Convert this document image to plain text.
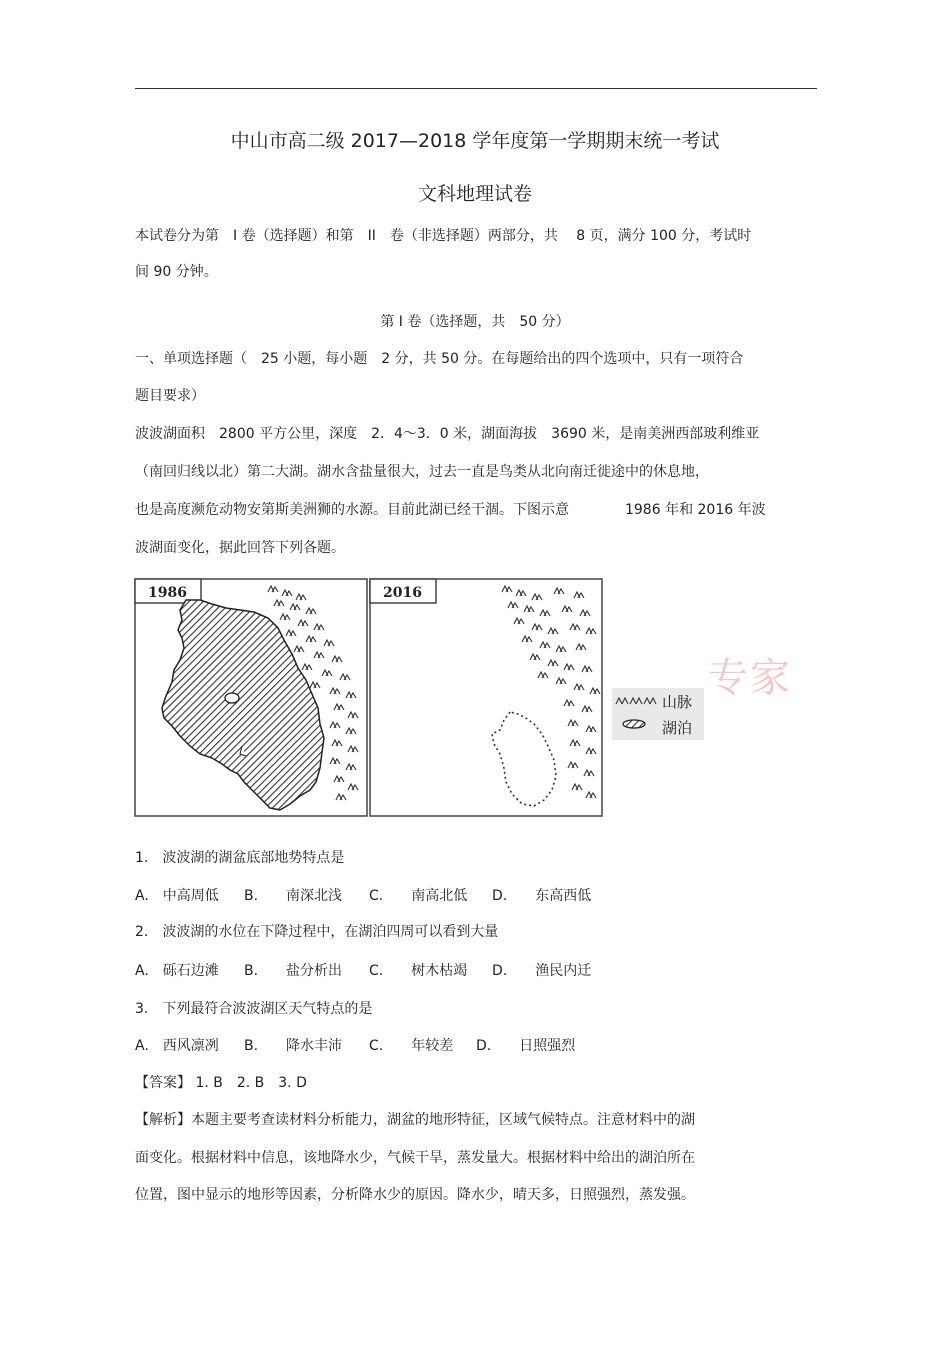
中山市高二级 2017—2018 学年度第一学期期末统一考试
文科地理试卷
本试卷分为第　I 卷（选择题）和第　II　卷（非选择题）两部分，共　 8 页，满分 100 分，考试时
间 90 分钟。
第 I 卷（选择题，共　50 分）
一、单项选择题（　25 小题，每小题　2 分，共 50 分。在每题给出的四个选项中，只有一项符合
题目要求）
波波湖面积　2800 平方公里，深度　2．4～3．0 米，湖面海拔　3690 米，是南美洲西部玻利维亚
（南回归线以北）第二大湖。湖水含盐量很大，过去一直是鸟类从北向南迁徙途中的休息地，
也是高度濒危动物安第斯美洲狮的水源。目前此湖已经干涸。下图示意　　　　1986 年和 2016 年波
波湖面变化，据此回答下列各题。
1986	2016
山脉
湖泊
专家
1.　波波湖的湖盆底部地势特点是
A.　中高周低 B.　　南深北浅 C.　　南高北低 D.　　东高西低
2.　波波湖的水位在下降过程中，在湖泊四周可以看到大量
A.　砾石边滩 B.　　盐分析出 C.　　树木枯竭 D.　　渔民内迁
3.　下列最符合波波湖区天气特点的是
A.　西风凛冽 B.　　降水丰沛 C.　　年较差 D.　　日照强烈
【答案】 1. B　2. B　3. D
【解析】本题主要考查读材料分析能力，湖盆的地形特征，区域气候特点。注意材料中的湖
面变化。根据材料中信息，该地降水少，气候干旱，蒸发量大。根据材料中给出的湖泊所在
位置，图中显示的地形等因素，分析降水少的原因。降水少，晴天多，日照强烈，蒸发强。
